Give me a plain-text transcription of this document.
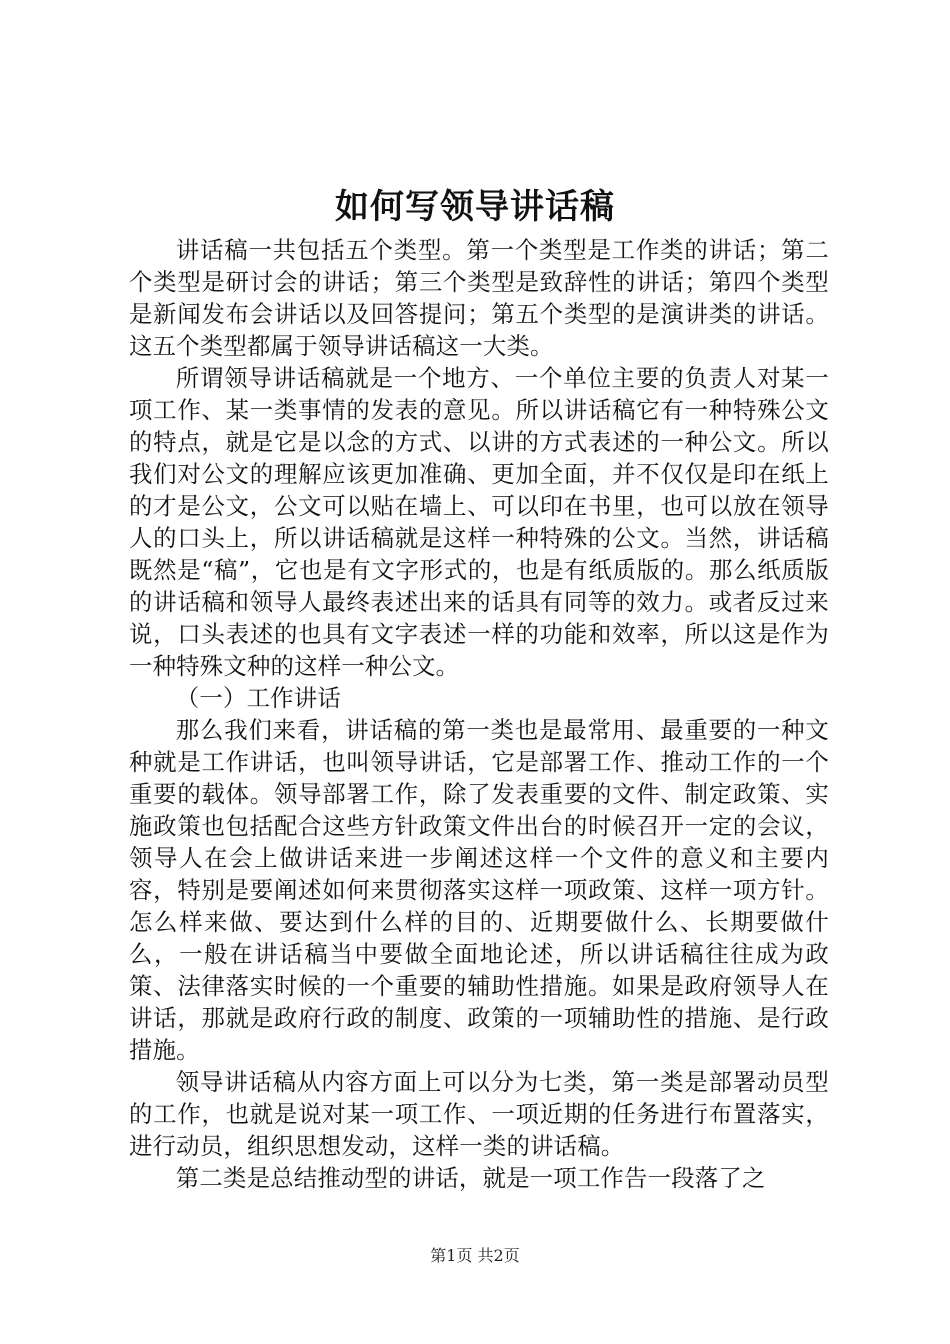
如何写领导讲话稿

讲话稿一共包括五个类型。第一个类型是工作类的讲话；第二个类型是研讨会的讲话；第三个类型是致辞性的讲话；第四个类型是新闻发布会讲话以及回答提问；第五个类型的是演讲类的讲话。这五个类型都属于领导讲话稿这一大类。

所谓领导讲话稿就是一个地方、一个单位主要的负责人对某一项工作、某一类事情的发表的意见。所以讲话稿它有一种特殊公文的特点，就是它是以念的方式、以讲的方式表述的一种公文。所以我们对公文的理解应该更加准确、更加全面，并不仅仅是印在纸上的才是公文，公文可以贴在墙上、可以印在书里，也可以放在领导人的口头上，所以讲话稿就是这样一种特殊的公文。当然，讲话稿既然是“稿”，它也是有文字形式的，也是有纸质版的。那么纸质版的讲话稿和领导人最终表述出来的话具有同等的效力。或者反过来说，口头表述的也具有文字表述一样的功能和效率，所以这是作为一种特殊文种的这样一种公文。

（一）工作讲话

那么我们来看，讲话稿的第一类也是最常用、最重要的一种文种就是工作讲话，也叫领导讲话，它是部署工作、推动工作的一个重要的载体。领导部署工作，除了发表重要的文件、制定政策、实施政策也包括配合这些方针政策文件出台的时候召开一定的会议，领导人在会上做讲话来进一步阐述这样一个文件的意义和主要内容，特别是要阐述如何来贯彻落实这样一项政策、这样一项方针。怎么样来做、要达到什么样的目的、近期要做什么、长期要做什么，一般在讲话稿当中要做全面地论述，所以讲话稿往往成为政策、法律落实时候的一个重要的辅助性措施。如果是政府领导人在讲话，那就是政府行政的制度、政策的一项辅助性的措施、是行政措施。

领导讲话稿从内容方面上可以分为七类，第一类是部署动员型的工作，也就是说对某一项工作、一项近期的任务进行布置落实，进行动员，组织思想发动，这样一类的讲话稿。

第二类是总结推动型的讲话，就是一项工作告一段落了之

第1页 共2页
